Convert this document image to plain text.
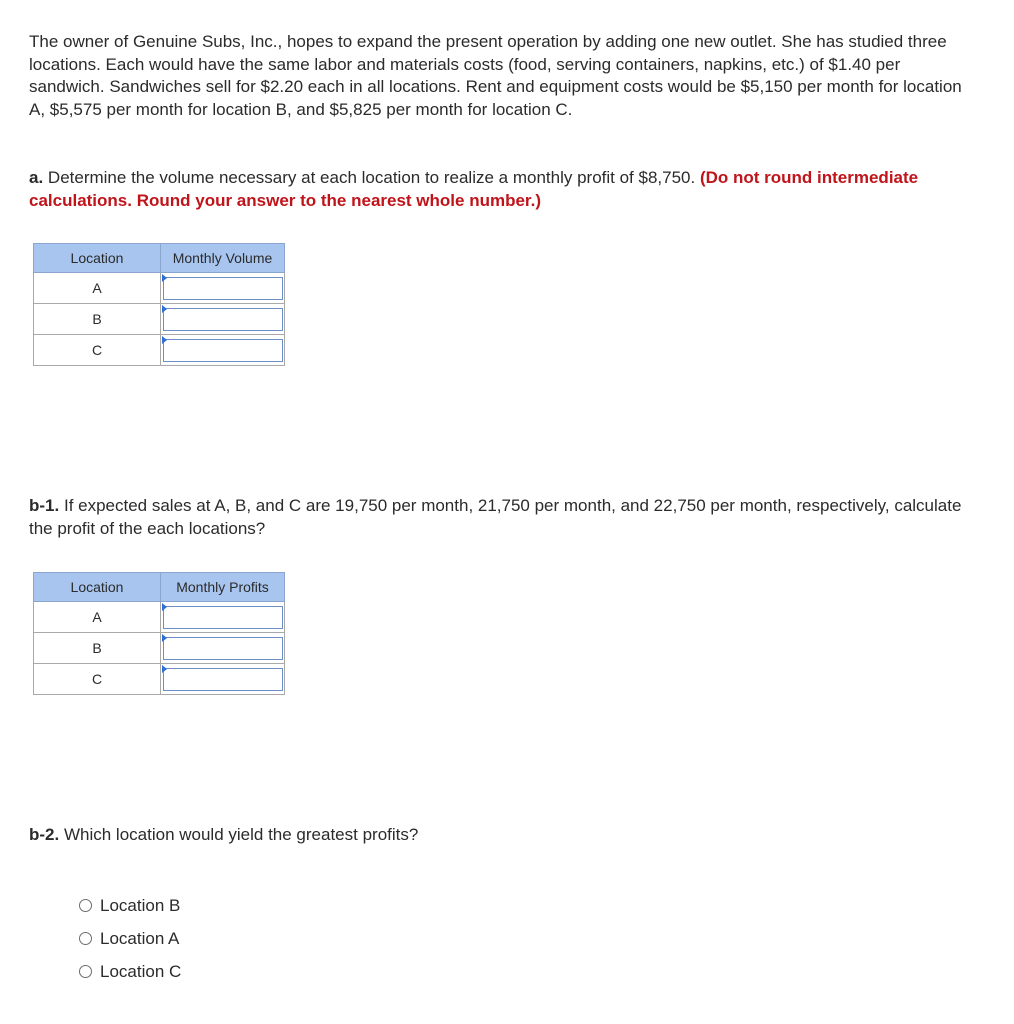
The owner of Genuine Subs, Inc., hopes to expand the present operation by adding one new outlet. She has studied three locations. Each would have the same labor and materials costs (food, serving containers, napkins, etc.) of $1.40 per sandwich. Sandwiches sell for $2.20 each in all locations. Rent and equipment costs would be $5,150 per month for location A, $5,575 per month for location B, and $5,825 per month for location C.

a. Determine the volume necessary at each location to realize a monthly profit of $8,750. (Do not round intermediate calculations. Round your answer to the nearest whole number.)

Location	Monthly Volume
A	

B	

C	

b-1. If expected sales at A, B, and C are 19,750 per month, 21,750 per month, and 22,750 per month, respectively, calculate the profit of the each locations?

Location	Monthly Profits
A	

B	

C	

b-2. Which location would yield the greatest profits?

Location B
Location A
Location C
